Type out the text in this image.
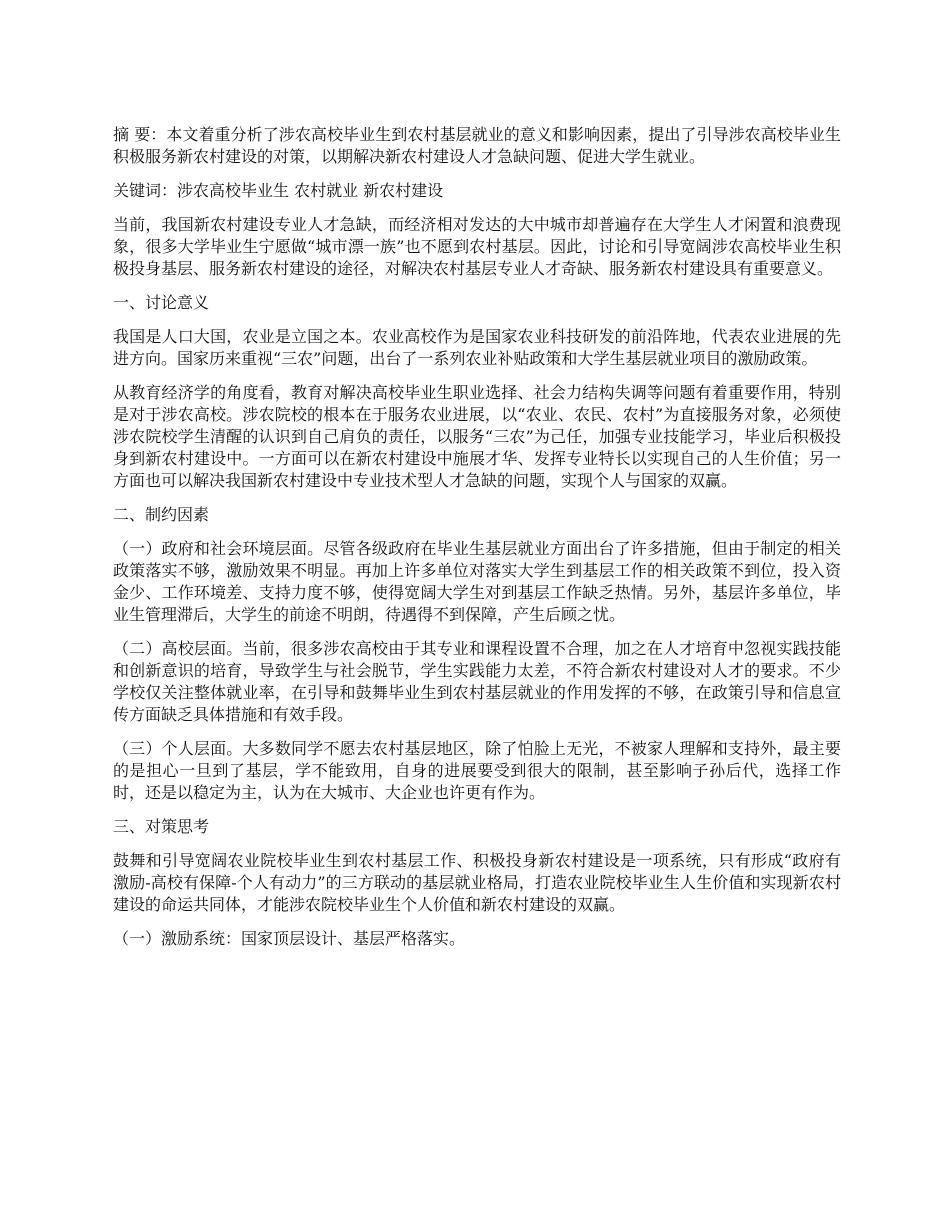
摘 要：本文着重分析了涉农高校毕业生到农村基层就业的意义和影响因素，提出了引导涉农高校毕业生积极服务新农村建设的对策，以期解决新农村建设人才急缺问题、促进大学生就业。

关键词：涉农高校毕业生 农村就业 新农村建设

当前，我国新农村建设专业人才急缺，而经济相对发达的大中城市却普遍存在大学生人才闲置和浪费现象，很多大学毕业生宁愿做“城市漂一族”也不愿到农村基层。因此，讨论和引导宽阔涉农高校毕业生积极投身基层、服务新农村建设的途径，对解决农村基层专业人才奇缺、服务新农村建设具有重要意义。

一、讨论意义

我国是人口大国，农业是立国之本。农业高校作为是国家农业科技研发的前沿阵地，代表农业进展的先进方向。国家历来重视“三农”问题，出台了一系列农业补贴政策和大学生基层就业项目的激励政策。

从教育经济学的角度看，教育对解决高校毕业生职业选择、社会力结构失调等问题有着重要作用，特别是对于涉农高校。涉农院校的根本在于服务农业进展，以“农业、农民、农村”为直接服务对象，必须使涉农院校学生清醒的认识到自己肩负的责任，以服务“三农”为己任，加强专业技能学习，毕业后积极投身到新农村建设中。一方面可以在新农村建设中施展才华、发挥专业特长以实现自己的人生价值；另一方面也可以解决我国新农村建设中专业技术型人才急缺的问题，实现个人与国家的双赢。

二、制约因素

（一）政府和社会环境层面。尽管各级政府在毕业生基层就业方面出台了许多措施，但由于制定的相关政策落实不够，激励效果不明显。再加上许多单位对落实大学生到基层工作的相关政策不到位，投入资金少、工作环境差、支持力度不够，使得宽阔大学生对到基层工作缺乏热情。另外，基层许多单位，毕业生管理滞后，大学生的前途不明朗，待遇得不到保障，产生后顾之忧。

（二）高校层面。当前，很多涉农高校由于其专业和课程设置不合理，加之在人才培育中忽视实践技能和创新意识的培育，导致学生与社会脱节，学生实践能力太差，不符合新农村建设对人才的要求。不少学校仅关注整体就业率，在引导和鼓舞毕业生到农村基层就业的作用发挥的不够，在政策引导和信息宣传方面缺乏具体措施和有效手段。

（三）个人层面。大多数同学不愿去农村基层地区，除了怕脸上无光，不被家人理解和支持外，最主要的是担心一旦到了基层，学不能致用，自身的进展要受到很大的限制，甚至影响子孙后代，选择工作时，还是以稳定为主，认为在大城市、大企业也许更有作为。

三、对策思考

鼓舞和引导宽阔农业院校毕业生到农村基层工作、积极投身新农村建设是一项系统，只有形成“政府有激励-高校有保障-个人有动力”的三方联动的基层就业格局，打造农业院校毕业生人生价值和实现新农村建设的命运共同体，才能涉农院校毕业生个人价值和新农村建设的双赢。

（一）激励系统：国家顶层设计、基层严格落实。
